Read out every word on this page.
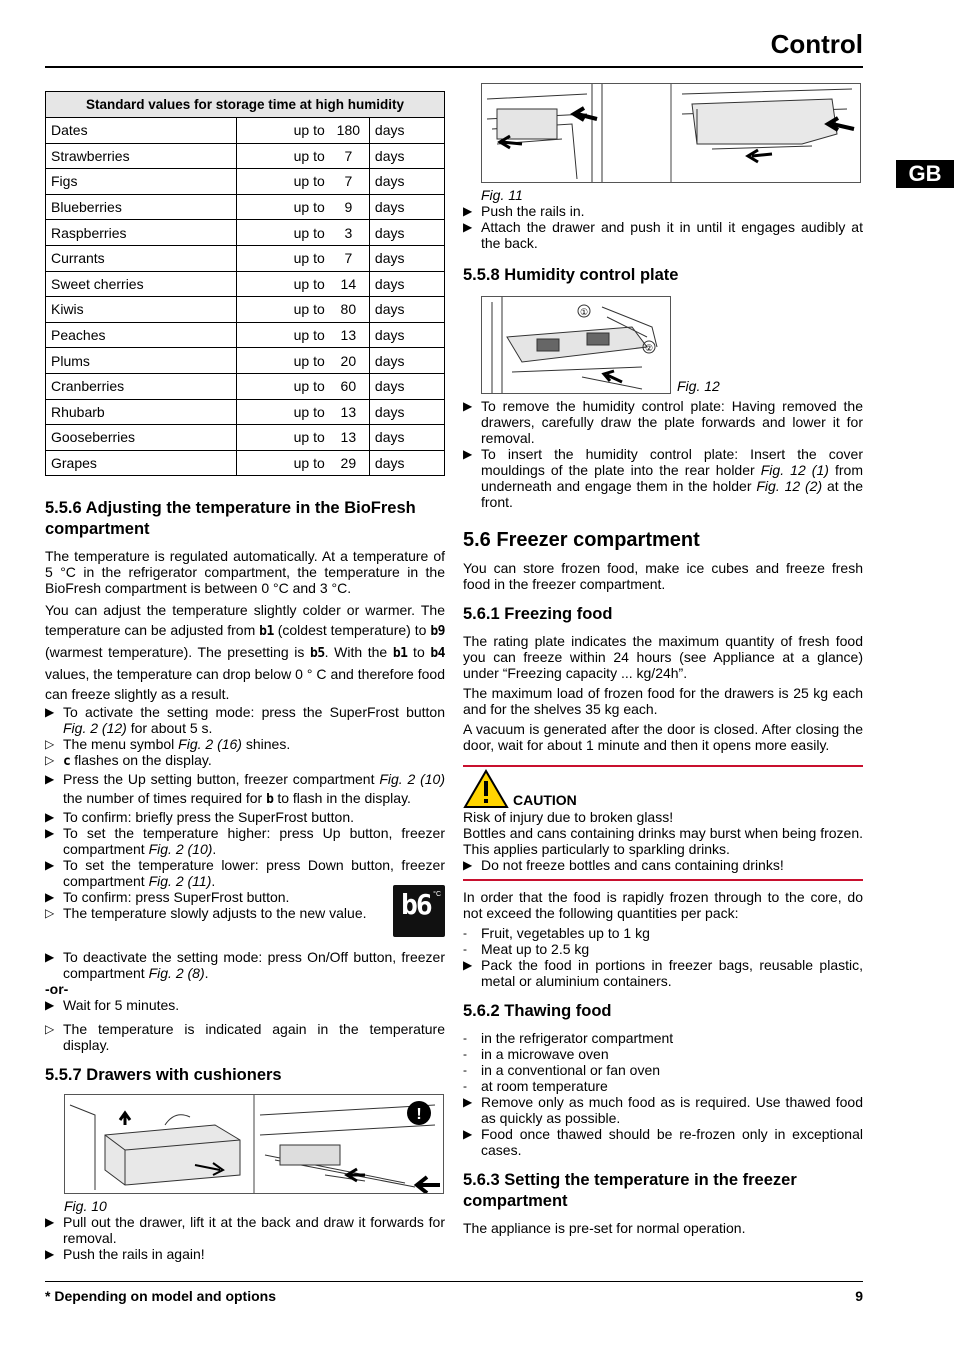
Control
GB
Standard values for storage time at high humidity			
Dates	up to	180	days
Strawberries	up to	7	days
Figs	up to	7	days
Blueberries	up to	9	days
Raspberries	up to	3	days
Currants	up to	7	days
Sweet cherries	up to	14	days
Kiwis	up to	80	days
Peaches	up to	13	days
Plums	up to	20	days
Cranberries	up to	60	days
Rhubarb	up to	13	days
Gooseberries	up to	13	days
Grapes	up to	29	days
5.5.6 Adjusting the temperature in the BioFresh compartment

The temperature is regulated automatically. At a temperature of 5 °C in the refrigerator compartment, the temperature in the BioFresh compartment is between 0 °C and 3 °C.

You can adjust the temperature slightly colder or warmer. The temperature can be adjusted from b1 (coldest temperature) to b9 (warmest temperature). The presetting is b5. With the b1 to b4 values, the temperature can drop below 0 ° C and therefore food can freeze slightly as a result.

▶ To activate the setting mode: press the SuperFrost button Fig. 2 (12) for about 5 s.
▷ The menu symbol Fig. 2 (16) shines.
▷ c flashes on the display.
▶ Press the Up setting button, freezer compartment Fig. 2 (10) the number of times required for b to flash in the display.
▶ To confirm: briefly press the SuperFrost button.
▶ To set the temperature higher: press Up button, freezer compartment Fig. 2 (10).
▶ To set the temperature lower: press Down button, freezer compartment Fig. 2 (11).
▶ To confirm: press SuperFrost button.
▷ The temperature slowly adjusts to the new value.
°C
b6
▶ To deactivate the setting mode: press On/Off button, freezer compartment Fig. 2 (8).
-or-
▶ Wait for 5 minutes.
▷ The temperature is indicated again in the temperature display.
5.5.7 Drawers with cushioners
!
Fig. 10
▶ Pull out the drawer, lift it at the back and draw it forwards for removal.
▶ Push the rails in again!
Fig. 11
▶ Push the rails in.
▶ Attach the drawer and push it in until it engages audibly at the back.
5.5.8 Humidity control plate
①
②
Fig. 12
▶ To remove the humidity control plate: Having removed the drawers, carefully draw the plate forwards and lower it for removal.
▶ To insert the humidity control plate: Insert the cover mouldings of the plate into the rear holder Fig. 12 (1) from underneath and engage them in the holder Fig. 12 (2) at the front.
5.6 Freezer compartment

You can store frozen food, make ice cubes and freeze fresh food in the freezer compartment.

5.6.1 Freezing food

The rating plate indicates the maximum quantity of fresh food you can freeze within 24 hours (see Appliance at a glance) under “Freezing capacity ... kg/24h”.

The maximum load of frozen food for the drawers is 25 kg each and for the shelves 35 kg each.

A vacuum is generated after the door is closed. After closing the door, wait for about 1 minute and then it opens more easily.

CAUTION
Risk of injury due to broken glass!

Bottles and cans containing drinks may burst when being frozen. This applies particularly to sparkling drinks.

▶ Do not freeze bottles and cans containing drinks!

In order that the food is rapidly frozen through to the core, do not exceed the following quantities per pack:

- Fruit, vegetables up to 1 kg
- Meat up to 2.5 kg
▶ Pack the food in portions in freezer bags, reusable plastic, metal or aluminium containers.
5.6.2 Thawing food
- in the refrigerator compartment
- in a microwave oven
- in a conventional or fan oven
- at room temperature
▶ Remove only as much food as is required. Use thawed food as quickly as possible.
▶ Food once thawed should be re-frozen only in exceptional cases.
5.6.3 Setting the temperature in the freezer compartment

The appliance is pre-set for normal operation.

* Depending on model and options	9
